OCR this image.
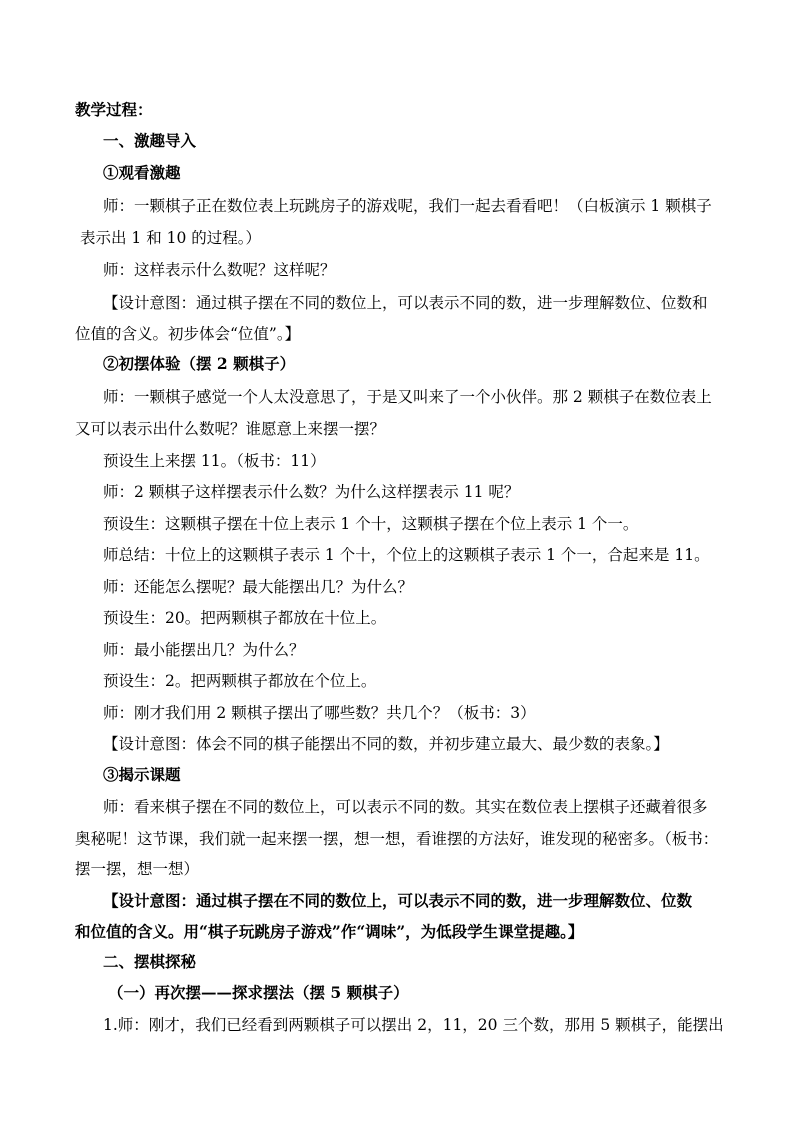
教学过程：
一、激趣导入
①观看激趣
师：一颗棋子正在数位表上玩跳房子的游戏呢，我们一起去看看吧！（白板演示 1 颗棋子
表示出 1 和 10 的过程。）
师：这样表示什么数呢？这样呢？
【设计意图：通过棋子摆在不同的数位上，可以表示不同的数，进一步理解数位、位数和
位值的含义。初步体会“位值”。】
②初摆体验（摆 2 颗棋子）
师：一颗棋子感觉一个人太没意思了，于是又叫来了一个小伙伴。那 2 颗棋子在数位表上
又可以表示出什么数呢？谁愿意上来摆一摆？
预设生上来摆 11。（板书：11）
师：2 颗棋子这样摆表示什么数？为什么这样摆表示 11 呢？
预设生：这颗棋子摆在十位上表示 1 个十，这颗棋子摆在个位上表示 1 个一。
师总结：十位上的这颗棋子表示 1 个十，个位上的这颗棋子表示 1 个一，合起来是 11。
师：还能怎么摆呢？最大能摆出几？为什么？
预设生：20。把两颗棋子都放在十位上。
师：最小能摆出几？为什么？
预设生：2。把两颗棋子都放在个位上。
师：刚才我们用 2 颗棋子摆出了哪些数？共几个？（板书：3）
【设计意图：体会不同的棋子能摆出不同的数，并初步建立最大、最少数的表象。】
③揭示课题
师：看来棋子摆在不同的数位上，可以表示不同的数。其实在数位表上摆棋子还藏着很多
奥秘呢！这节课，我们就一起来摆一摆，想一想，看谁摆的方法好，谁发现的秘密多。（板书：
摆一摆，想一想）
【设计意图：通过棋子摆在不同的数位上，可以表示不同的数，进一步理解数位、位数
和位值的含义。用“棋子玩跳房子游戏”作“调味”，为低段学生课堂提趣。】
二、摆棋探秘
（一）再次摆——探求摆法（摆 5 颗棋子）
1.师：刚才，我们已经看到两颗棋子可以摆出 2，11，20 三个数，那用 5 颗棋子，能摆出
